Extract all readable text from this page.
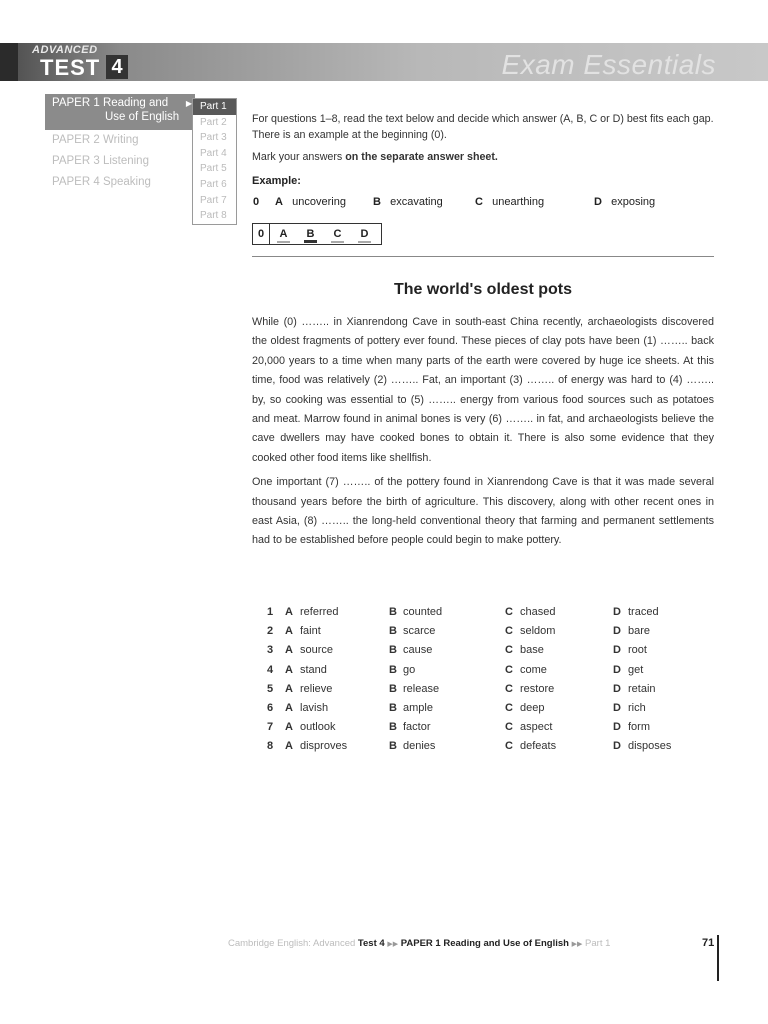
ADVANCED
TEST 4	Exam Essentials
PAPER 1 Reading and ▶
Use of English
PAPER 2 Writing
PAPER 3 Listening
PAPER 4 Speaking
Part 1
Part 2
Part 3
Part 4
Part 5
Part 6
Part 7
Part 8

For questions 1–8, read the text below and decide which answer (A, B, C or D) best fits each gap. There is an example at the beginning (0).

Mark your answers on the separate answer sheet.

Example:
0 A uncovering B excavating	C unearthing	D exposing
0	A	B	C	D
The world's oldest pots

While (0) …….. in Xianrendong Cave in south-east China recently, archaeologists discovered the oldest fragments of pottery ever found. These pieces of clay pots have been (1) …….. back 20,000 years to a time when many parts of the earth were covered by huge ice sheets. At this time, food was relatively (2) …….. Fat, an important (3) …….. of energy was hard to (4) …….. by, so cooking was essential to (5) …….. energy from various food sources such as potatoes and meat. Marrow found in animal bones is very (6) …….. in fat, and archaeologists believe the cave dwellers may have cooked bones to obtain it. There is also some evidence that they cooked other food items like shellfish.

One important (7) …….. of the pottery found in Xianrendong Cave is that it was made several thousand years before the birth of agriculture. This discovery, along with other recent ones in east Asia, (8) …….. the long-held conventional theory that farming and permanent settlements had to be established before people could begin to make pottery.

1 A referred	B counted	C chased	D traced
2 A faint	B scarce	C seldom	D bare
3 A source	B cause	C base	D root
4 A stand	B go	C come	D get
5 A relieve	B release	C restore	D retain
6 A lavish	B ample	C deep	D rich
7 A outlook	B factor	C aspect	D form
8 A disproves	B denies	C defeats	D disposes
Cambridge English: Advanced Test 4 ▶▶ PAPER 1 Reading and Use of English ▶▶ Part 1	71
